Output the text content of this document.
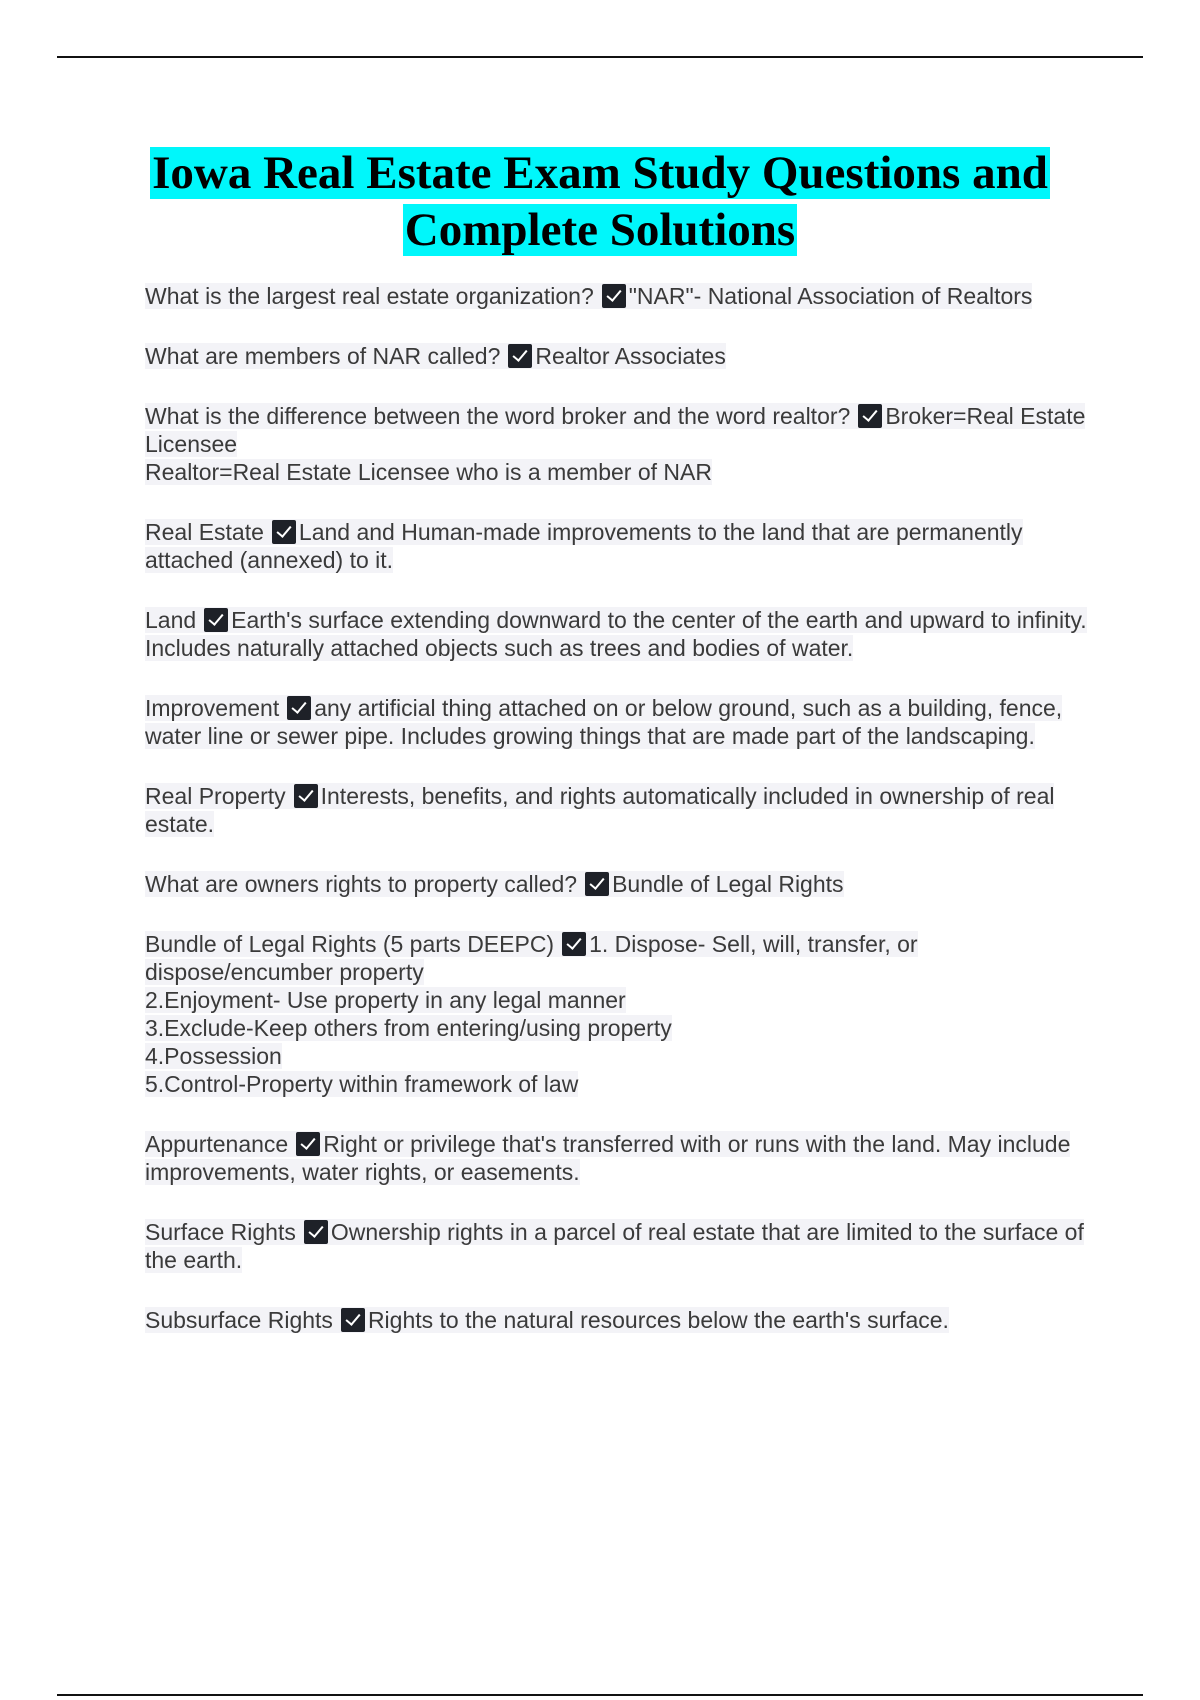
Iowa Real Estate Exam Study Questions and
Complete Solutions
What is the largest real estate organization? "NAR"- National Association of Realtors
What are members of NAR called? Realtor Associates
What is the difference between the word broker and the word realtor? Broker=Real Estate Licensee
Realtor=Real Estate Licensee who is a member of NAR
Real Estate Land and Human-made improvements to the land that are permanently attached (annexed) to it.
Land Earth's surface extending downward to the center of the earth and upward to infinity. Includes naturally attached objects such as trees and bodies of water.
Improvement any artificial thing attached on or below ground, such as a building, fence, water line or sewer pipe. Includes growing things that are made part of the landscaping.
Real Property Interests, benefits, and rights automatically included in ownership of real estate.
What are owners rights to property called? Bundle of Legal Rights
Bundle of Legal Rights (5 parts DEEPC) 1. Dispose- Sell, will, transfer, or dispose/encumber property
2.Enjoyment- Use property in any legal manner
3.Exclude-Keep others from entering/using property
4.Possession
5.Control-Property within framework of law
Appurtenance Right or privilege that's transferred with or runs with the land. May include improvements, water rights, or easements.
Surface Rights Ownership rights in a parcel of real estate that are limited to the surface of the earth.
Subsurface Rights Rights to the natural resources below the earth's surface.
